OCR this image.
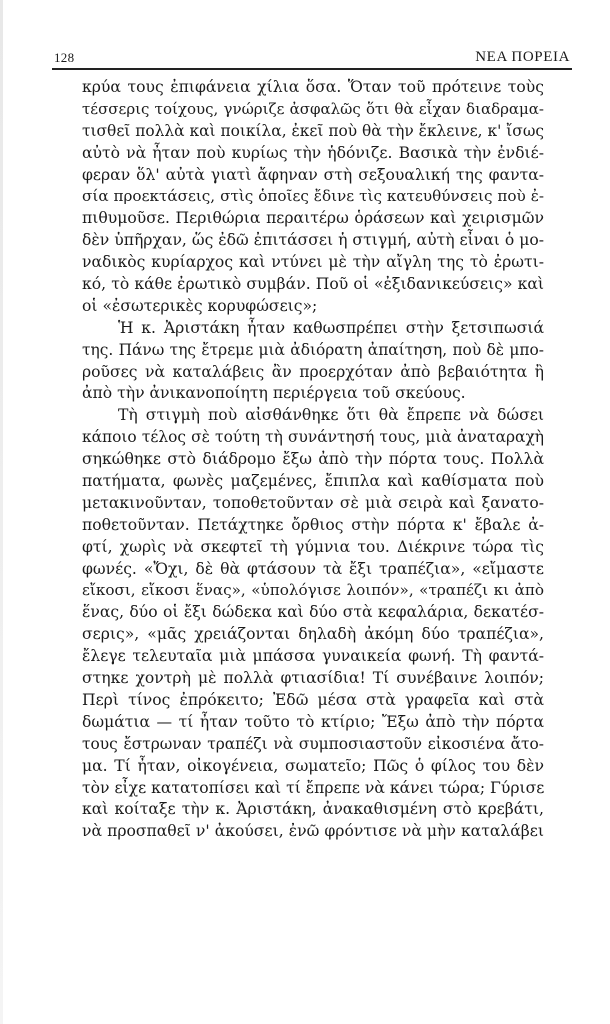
128	ΝΕΑ ΠΟΡΕΙΑ
κρύα τους ἐπιφάνεια χίλια ὅσα. Ὅταν τοῦ πρότεινε τοὺς
τέσσερις τοίχους, γνώριζε ἀσφαλῶς ὅτι θὰ εἶχαν διαδραμα-
τισθεῖ πολλὰ καὶ ποικίλα, ἐκεῖ ποὺ θὰ τὴν ἔκλεινε, κ' ἴσως
αὐτὸ νὰ ἦταν ποὺ κυρίως τὴν ἡδόνιζε. Βασικὰ τὴν ἐνδιέ-
φεραν ὅλ' αὐτὰ γιατὶ ἄφηναν στὴ σεξουαλική της φαντα-
σία προεκτάσεις, στὶς ὁποῖες ἔδινε τὶς κατευθύνσεις ποὺ ἐ-
πιθυμοῦσε. Περιθώρια περαιτέρω ὁράσεων καὶ χειρισμῶν
δὲν ὑπῆρχαν, ὥς ἐδῶ ἐπιτάσσει ἡ στιγμή, αὐτὴ εἶναι ὁ μο-
ναδικὸς κυρίαρχος καὶ ντύνει μὲ τὴν αἴγλη της τὸ ἐρωτι-
κό, τὸ κάθε ἐρωτικὸ συμβάν. Ποῦ οἱ «ἐξιδανικεύσεις» καὶ
οἱ «ἐσωτερικὲς κορυφώσεις»;
Ἡ κ. Ἀριστάκη ἦταν καθωσπρέπει στὴν ξετσιπωσιά
της. Πάνω της ἔτρεμε μιὰ ἀδιόρατη ἀπαίτηση, ποὺ δὲ μπο-
ροῦσες νὰ καταλάβεις ἂν προερχόταν ἀπὸ βεβαιότητα ἢ
ἀπὸ τὴν ἀνικανοποίητη περιέργεια τοῦ σκεύους.
Τὴ στιγμὴ ποὺ αἰσθάνθηκε ὅτι θὰ ἔπρεπε νὰ δώσει
κάποιο τέλος σὲ τούτη τὴ συνάντησή τους, μιὰ ἀναταραχὴ
σηκώθηκε στὸ διάδρομο ἔξω ἀπὸ τὴν πόρτα τους. Πολλὰ
πατήματα, φωνὲς μαζεμένες, ἔπιπλα καὶ καθίσματα ποὺ
μετακινοῦνταν, τοποθετοῦνταν σὲ μιὰ σειρὰ καὶ ξανατο-
ποθετοῦνταν. Πετάχτηκε ὄρθιος στὴν πόρτα κ' ἔβαλε ἀ-
φτί, χωρὶς νὰ σκεφτεῖ τὴ γύμνια του. Διέκρινε τώρα τὶς
φωνές. «Ὄχι, δὲ θὰ φτάσουν τὰ ἔξι τραπέζια», «εἴμαστε
εἴκοσι, εἴκοσι ἕνας», «ὑπολόγισε λοιπόν», «τραπέζι κι ἀπὸ
ἕνας, δύο οἱ ἔξι δώδεκα καὶ δύο στὰ κεφαλάρια, δεκατέσ-
σερις», «μᾶς χρειάζονται δηλαδὴ ἀκόμη δύο τραπέζια»,
ἔλεγε τελευταῖα μιὰ μπάσσα γυναικεία φωνή. Τὴ φαντά-
στηκε χοντρὴ μὲ πολλὰ φτιασίδια! Τί συνέβαινε λοιπόν;
Περὶ τίνος ἐπρόκειτο; Ἐδῶ μέσα στὰ γραφεῖα καὶ στὰ
δωμάτια — τί ἦταν τοῦτο τὸ κτίριο; Ἔξω ἀπὸ τὴν πόρτα
τους ἔστρωναν τραπέζι νὰ συμποσιαστοῦν εἰκοσιένα ἄτο-
μα. Τί ἦταν, οἰκογένεια, σωματεῖο; Πῶς ὁ φίλος του δὲν
τὸν εἶχε κατατοπίσει καὶ τί ἔπρεπε νὰ κάνει τώρα; Γύρισε
καὶ κοίταξε τὴν κ. Ἀριστάκη, ἀνακαθισμένη στὸ κρεβάτι,
νὰ προσπαθεῖ ν' ἀκούσει, ἐνῶ φρόντισε νὰ μὴν καταλάβει
